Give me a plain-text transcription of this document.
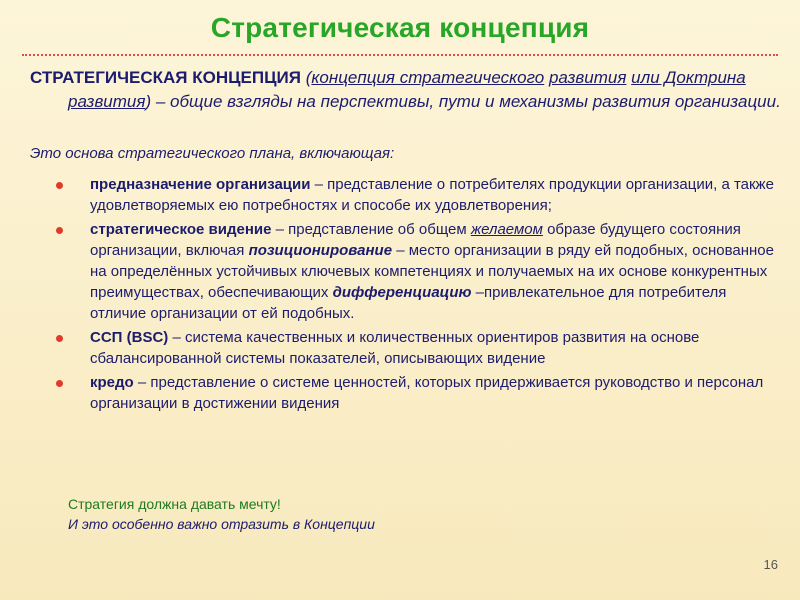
Стратегическая концепция
СТРАТЕГИЧЕСКАЯ КОНЦЕПЦИЯ (концепция стратегического развития или Доктрина развития) – общие взгляды на перспективы, пути и механизмы развития организации.
Это основа стратегического плана, включающая:
предназначение организации – представление о потребителях продукции организации, а также удовлетворяемых ею потребностях и способе их удовлетворения;
стратегическое видение – представление об общем желаемом образе будущего состояния организации, включая позиционирование – место организации в ряду ей подобных, основанное на определённых устойчивых ключевых компетенциях и получаемых на их основе конкурентных преимуществах, обеспечивающих дифференциацию –привлекательное для потребителя отличие организации от ей подобных.
ССП (BSC) – система качественных и количественных ориентиров развития на основе сбалансированной системы показателей, описывающих видение
кредо – представление о системе ценностей, которых придерживается руководство и персонал организации в достижении видения
Стратегия должна давать мечту!
И это особенно важно отразить в Концепции
16
